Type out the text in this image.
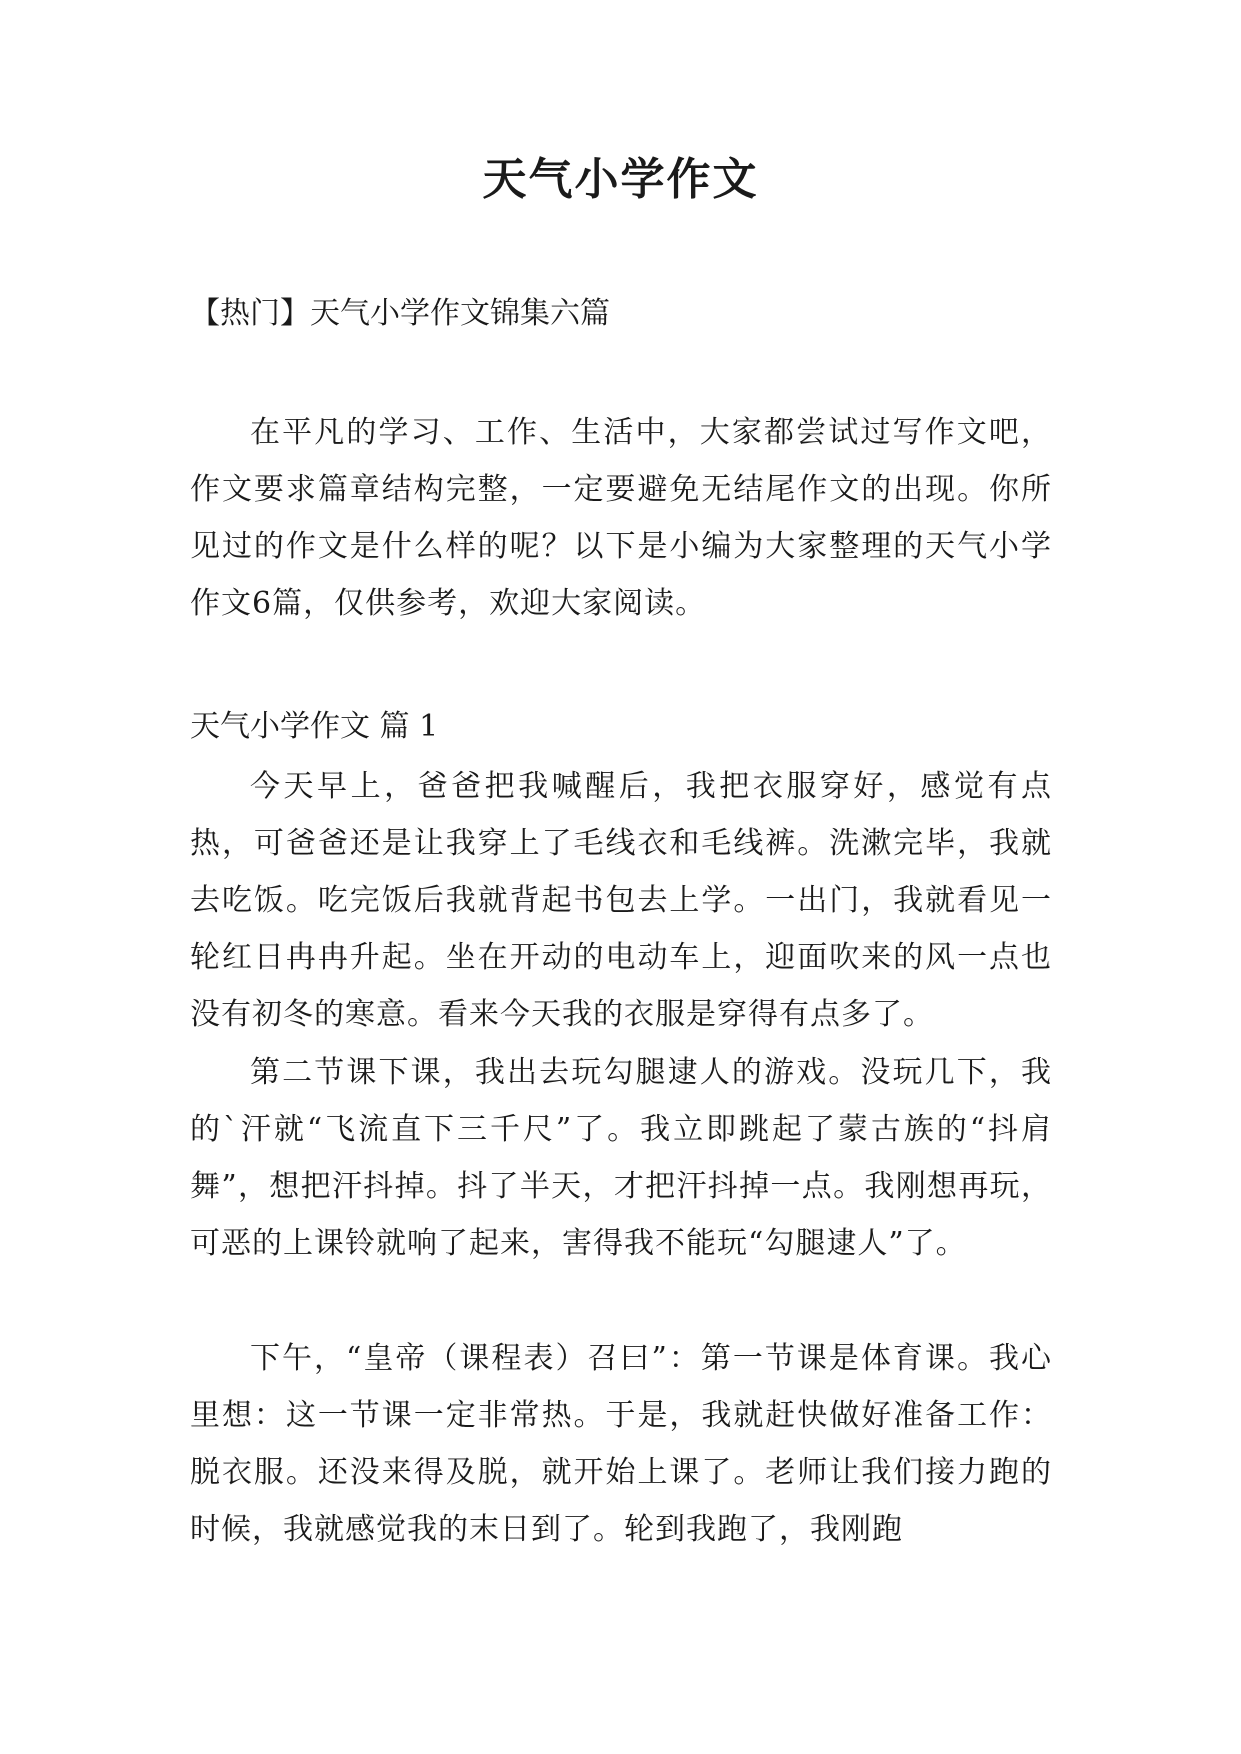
天气小学作文

【热门】天气小学作文锦集六篇

在平凡的学习、工作、生活中，大家都尝试过写作文吧，作文要求篇章结构完整，一定要避免无结尾作文的出现。你所见过的作文是什么样的呢？以下是小编为大家整理的天气小学作文6篇，仅供参考，欢迎大家阅读。

天气小学作文 篇 1

今天早上，爸爸把我喊醒后，我把衣服穿好，感觉有点热，可爸爸还是让我穿上了毛线衣和毛线裤。洗漱完毕，我就去吃饭。吃完饭后我就背起书包去上学。一出门，我就看见一轮红日冉冉升起。坐在开动的电动车上，迎面吹来的风一点也没有初冬的寒意。看来今天我的衣服是穿得有点多了。

第二节课下课，我出去玩勾腿逮人的游戏。没玩几下，我的`汗就“飞流直下三千尺”了。我立即跳起了蒙古族的“抖肩舞”，想把汗抖掉。抖了半天，才把汗抖掉一点。我刚想再玩，可恶的上课铃就响了起来，害得我不能玩“勾腿逮人”了。

下午，“皇帝（课程表）召曰”：第一节课是体育课。我心里想：这一节课一定非常热。于是，我就赶快做好准备工作：脱衣服。还没来得及脱，就开始上课了。老师让我们接力跑的时候，我就感觉我的末日到了。轮到我跑了，我刚跑
